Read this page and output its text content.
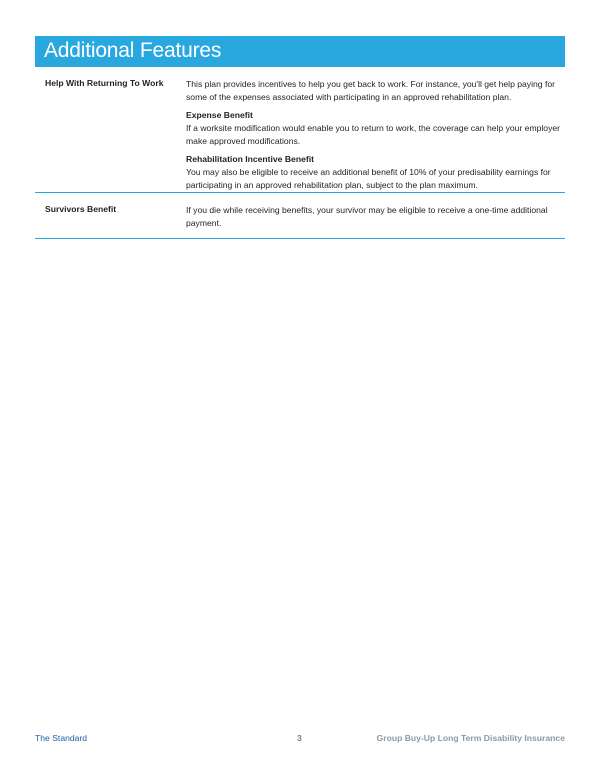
Additional Features
Help With Returning To Work	This plan provides incentives to help you get back to work. For instance, you'll get help paying for some of the expenses associated with participating in an approved rehabilitation plan.

Expense Benefit

If a worksite modification would enable you to return to work, the coverage can help your employer make approved modifications.

Rehabilitation Incentive Benefit

You may also be eligible to receive an additional benefit of 10% of your predisability earnings for participating in an approved rehabilitation plan, subject to the plan maximum.

Survivors Benefit	If you die while receiving benefits, your survivor may be eligible to receive a one-time additional payment.

The Standard	3	Group Buy-Up Long Term Disability Insurance
